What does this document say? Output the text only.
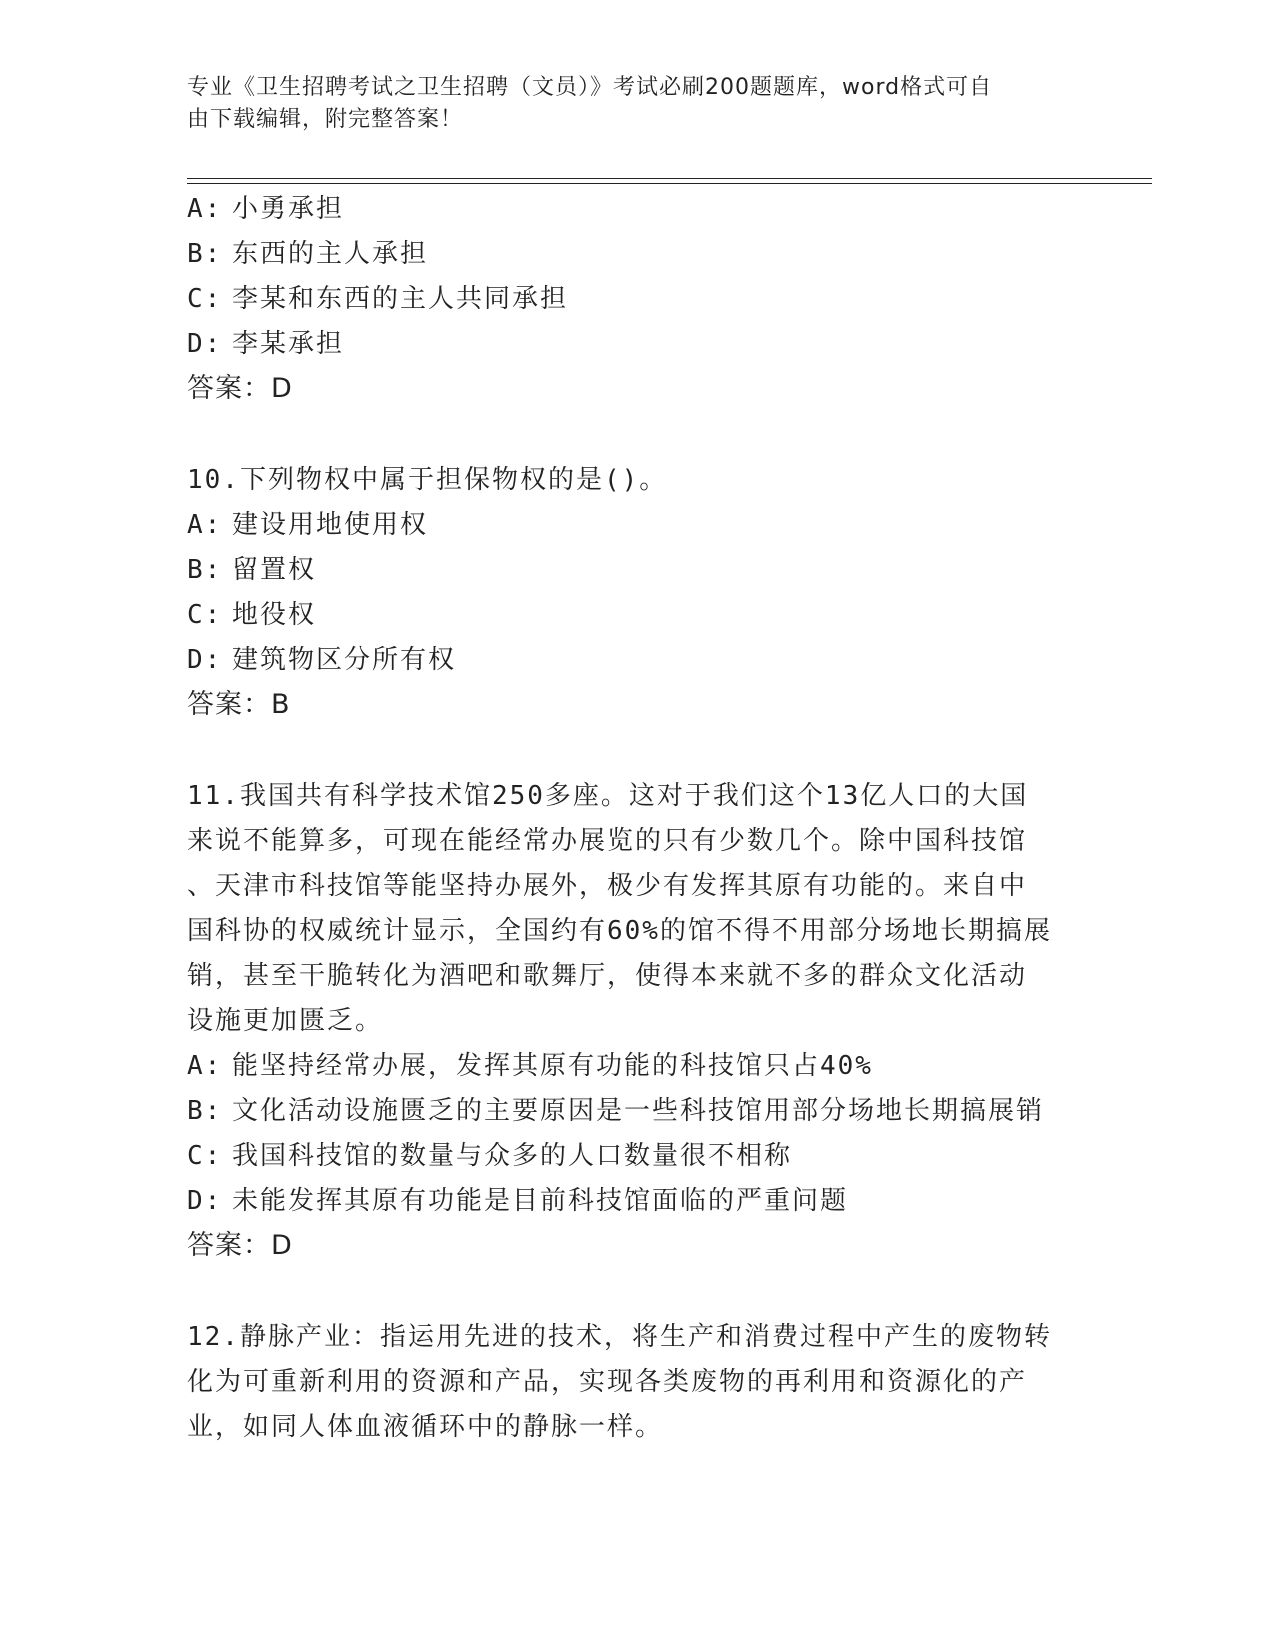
专业《卫生招聘考试之卫生招聘（文员）》考试必刷200题题库，word格式可自
由下载编辑，附完整答案！
A: 小勇承担
B: 东西的主人承担
C: 李某和东西的主人共同承担
D: 李某承担
答案：D
10.下列物权中属于担保物权的是()。
A: 建设用地使用权
B: 留置权
C: 地役权
D: 建筑物区分所有权
答案：B
11.我国共有科学技术馆250多座。这对于我们这个13亿人口的大国
来说不能算多，可现在能经常办展览的只有少数几个。除中国科技馆
、天津市科技馆等能坚持办展外，极少有发挥其原有功能的。来自中
国科协的权威统计显示，全国约有60%的馆不得不用部分场地长期搞展
销，甚至干脆转化为酒吧和歌舞厅，使得本来就不多的群众文化活动
设施更加匮乏。
A: 能坚持经常办展，发挥其原有功能的科技馆只占40%
B: 文化活动设施匮乏的主要原因是一些科技馆用部分场地长期搞展销
C: 我国科技馆的数量与众多的人口数量很不相称
D: 未能发挥其原有功能是目前科技馆面临的严重问题
答案：D
12.静脉产业：指运用先进的技术，将生产和消费过程中产生的废物转
化为可重新利用的资源和产品，实现各类废物的再利用和资源化的产
业，如同人体血液循环中的静脉一样。
